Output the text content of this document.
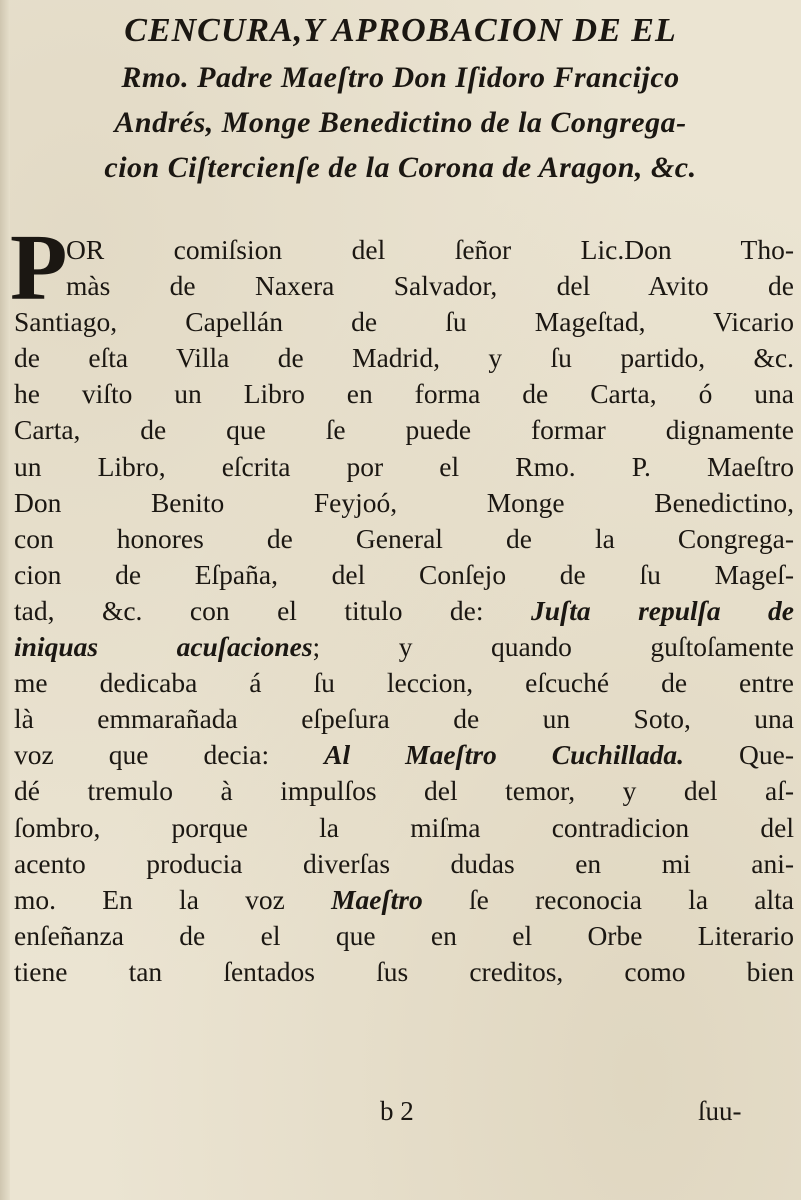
CENCURA,Y APROBACION DE EL
Rmo. Padre Maeſtro Don Iſidoro Francijco
Andrés, Monge Benedictino de la Congrega-
cion Ciſtercienſe de la Corona de Aragon, &c.
P
OR comiſsion del ſeñor Lic.Don Tho-
màs de Naxera Salvador, del Avito de
Santiago, Capellán de ſu Mageſtad, Vicario
de eſta Villa de Madrid, y ſu partido, &c.
he viſto un Libro en forma de Carta, ó una
Carta, de que ſe puede formar dignamente
un Libro, eſcrita por el Rmo. P. Maeſtro
Don Benito Feyjoó, Monge Benedictino,
con honores de General de la Congrega-
cion de Eſpaña, del Conſejo de ſu Mageſ-
tad, &c. con el titulo de: Juſta repulſa de
iniquas acuſaciones; y quando guſtoſamente
me dedicaba á ſu leccion, eſcuché de entre
là emmarañada eſpeſura de un Soto, una
voz que decia: Al Maeſtro Cuchillada. Que-
dé tremulo à impulſos del temor, y del aſ-
ſombro, porque la miſma contradicion del
acento producia diverſas dudas en mi ani-
mo. En la voz Maeſtro ſe reconocia la alta
enſeñanza de el que en el Orbe Literario
tiene tan ſentados ſus creditos, como bien
b 2	ſuu-
